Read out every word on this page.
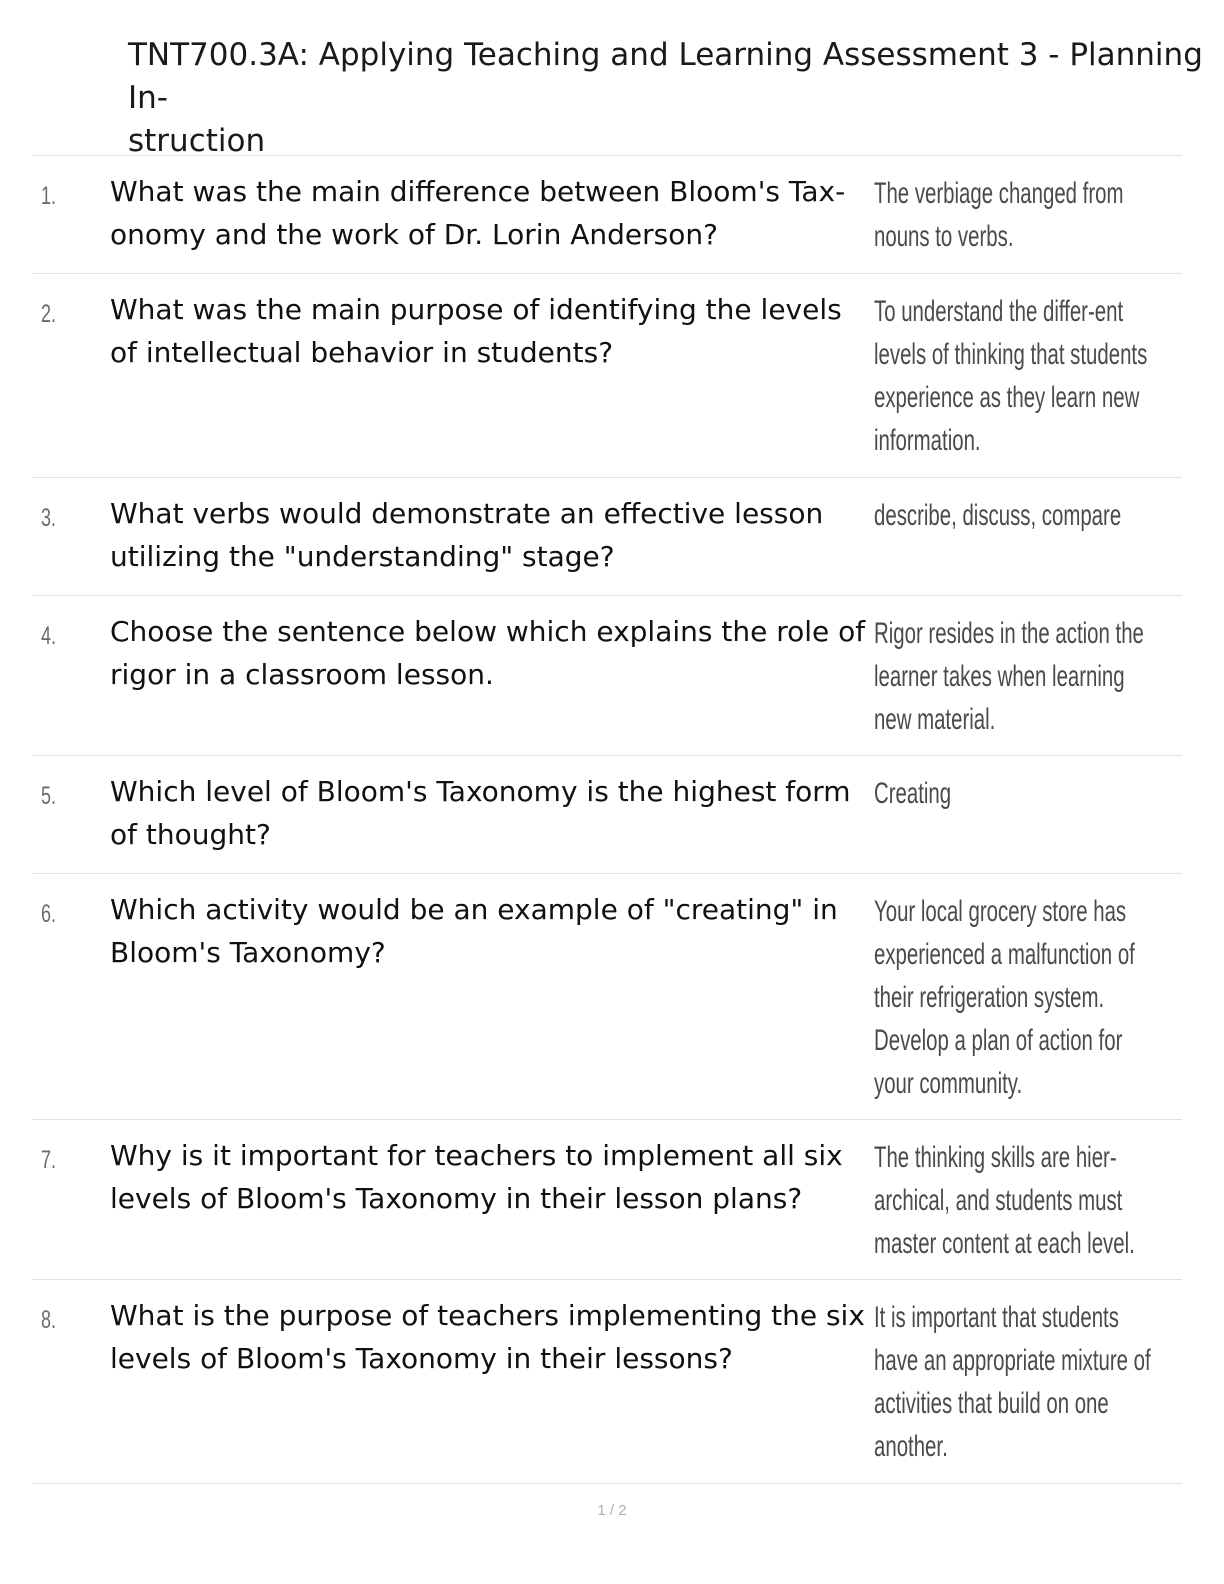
TNT700.3A: Applying Teaching and Learning Assessment 3 - Planning In-
struction
1. What was the main difference between Bloom's Tax-onomy and the work of Dr. Lorin Anderson?
The verbiage changed from nouns to verbs.
2. What was the main purpose of identifying the levels of intellectual behavior in students?
To understand the differ-ent levels of thinking that students experience as they learn new information.
3. What verbs would demonstrate an effective lesson utilizing the "understanding" stage?
describe, discuss, compare
4. Choose the sentence below which explains the role of rigor in a classroom lesson.
Rigor resides in the action the learner takes when learning new material.
5. Which level of Bloom's Taxonomy is the highest form of thought?
Creating
6. Which activity would be an example of "creating" in Bloom's Taxonomy?
Your local grocery store has experienced a malfunction of their refrigeration system. Develop a plan of action for your community.
7. Why is it important for teachers to implement all six levels of Bloom's Taxonomy in their lesson plans?
The thinking skills are hier-archical, and students must master content at each level.
8. What is the purpose of teachers implementing the six levels of Bloom's Taxonomy in their lessons?
It is important that students have an appropriate mixture of activities that build on one another.
1 / 2
